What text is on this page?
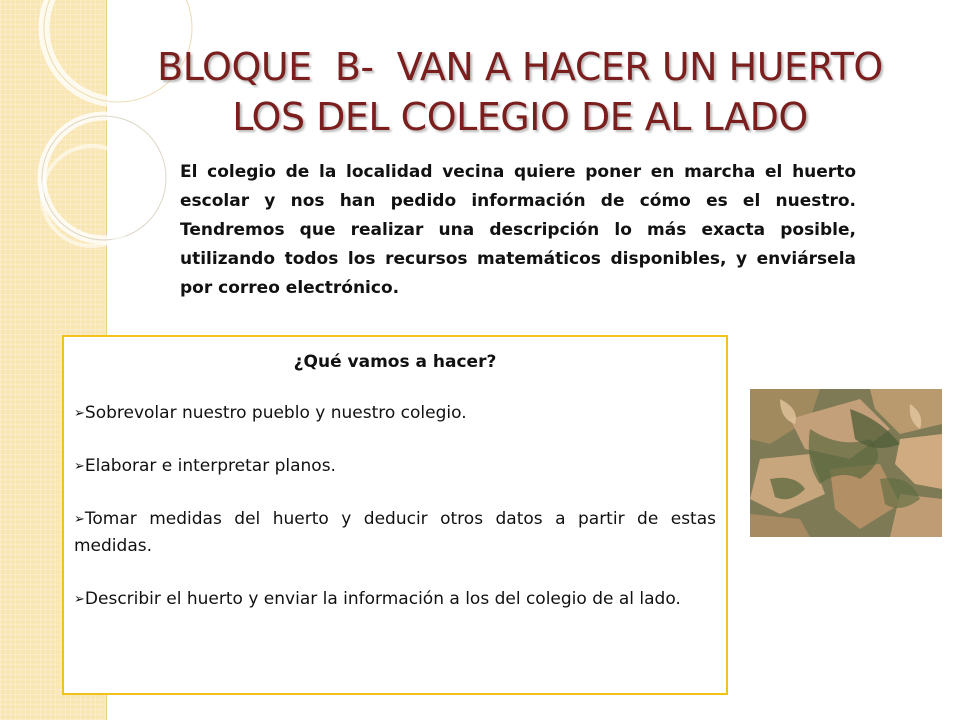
BLOQUE  B-  VAN A HACER UN HUERTO
LOS DEL COLEGIO DE AL LADO

El colegio de la localidad vecina quiere poner en marcha el huerto escolar y nos han pedido información de cómo es el nuestro. Tendremos que realizar una descripción lo más exacta posible, utilizando todos los recursos matemáticos disponibles, y enviársela por correo electrónico.

¿Qué vamos a hacer?

➢Sobrevolar nuestro pueblo y nuestro colegio.
➢Elaborar e interpretar planos.
➢Tomar medidas del huerto y deducir otros datos a partir de estas medidas.
➢Describir el huerto y enviar la información a los del colegio de al lado.
